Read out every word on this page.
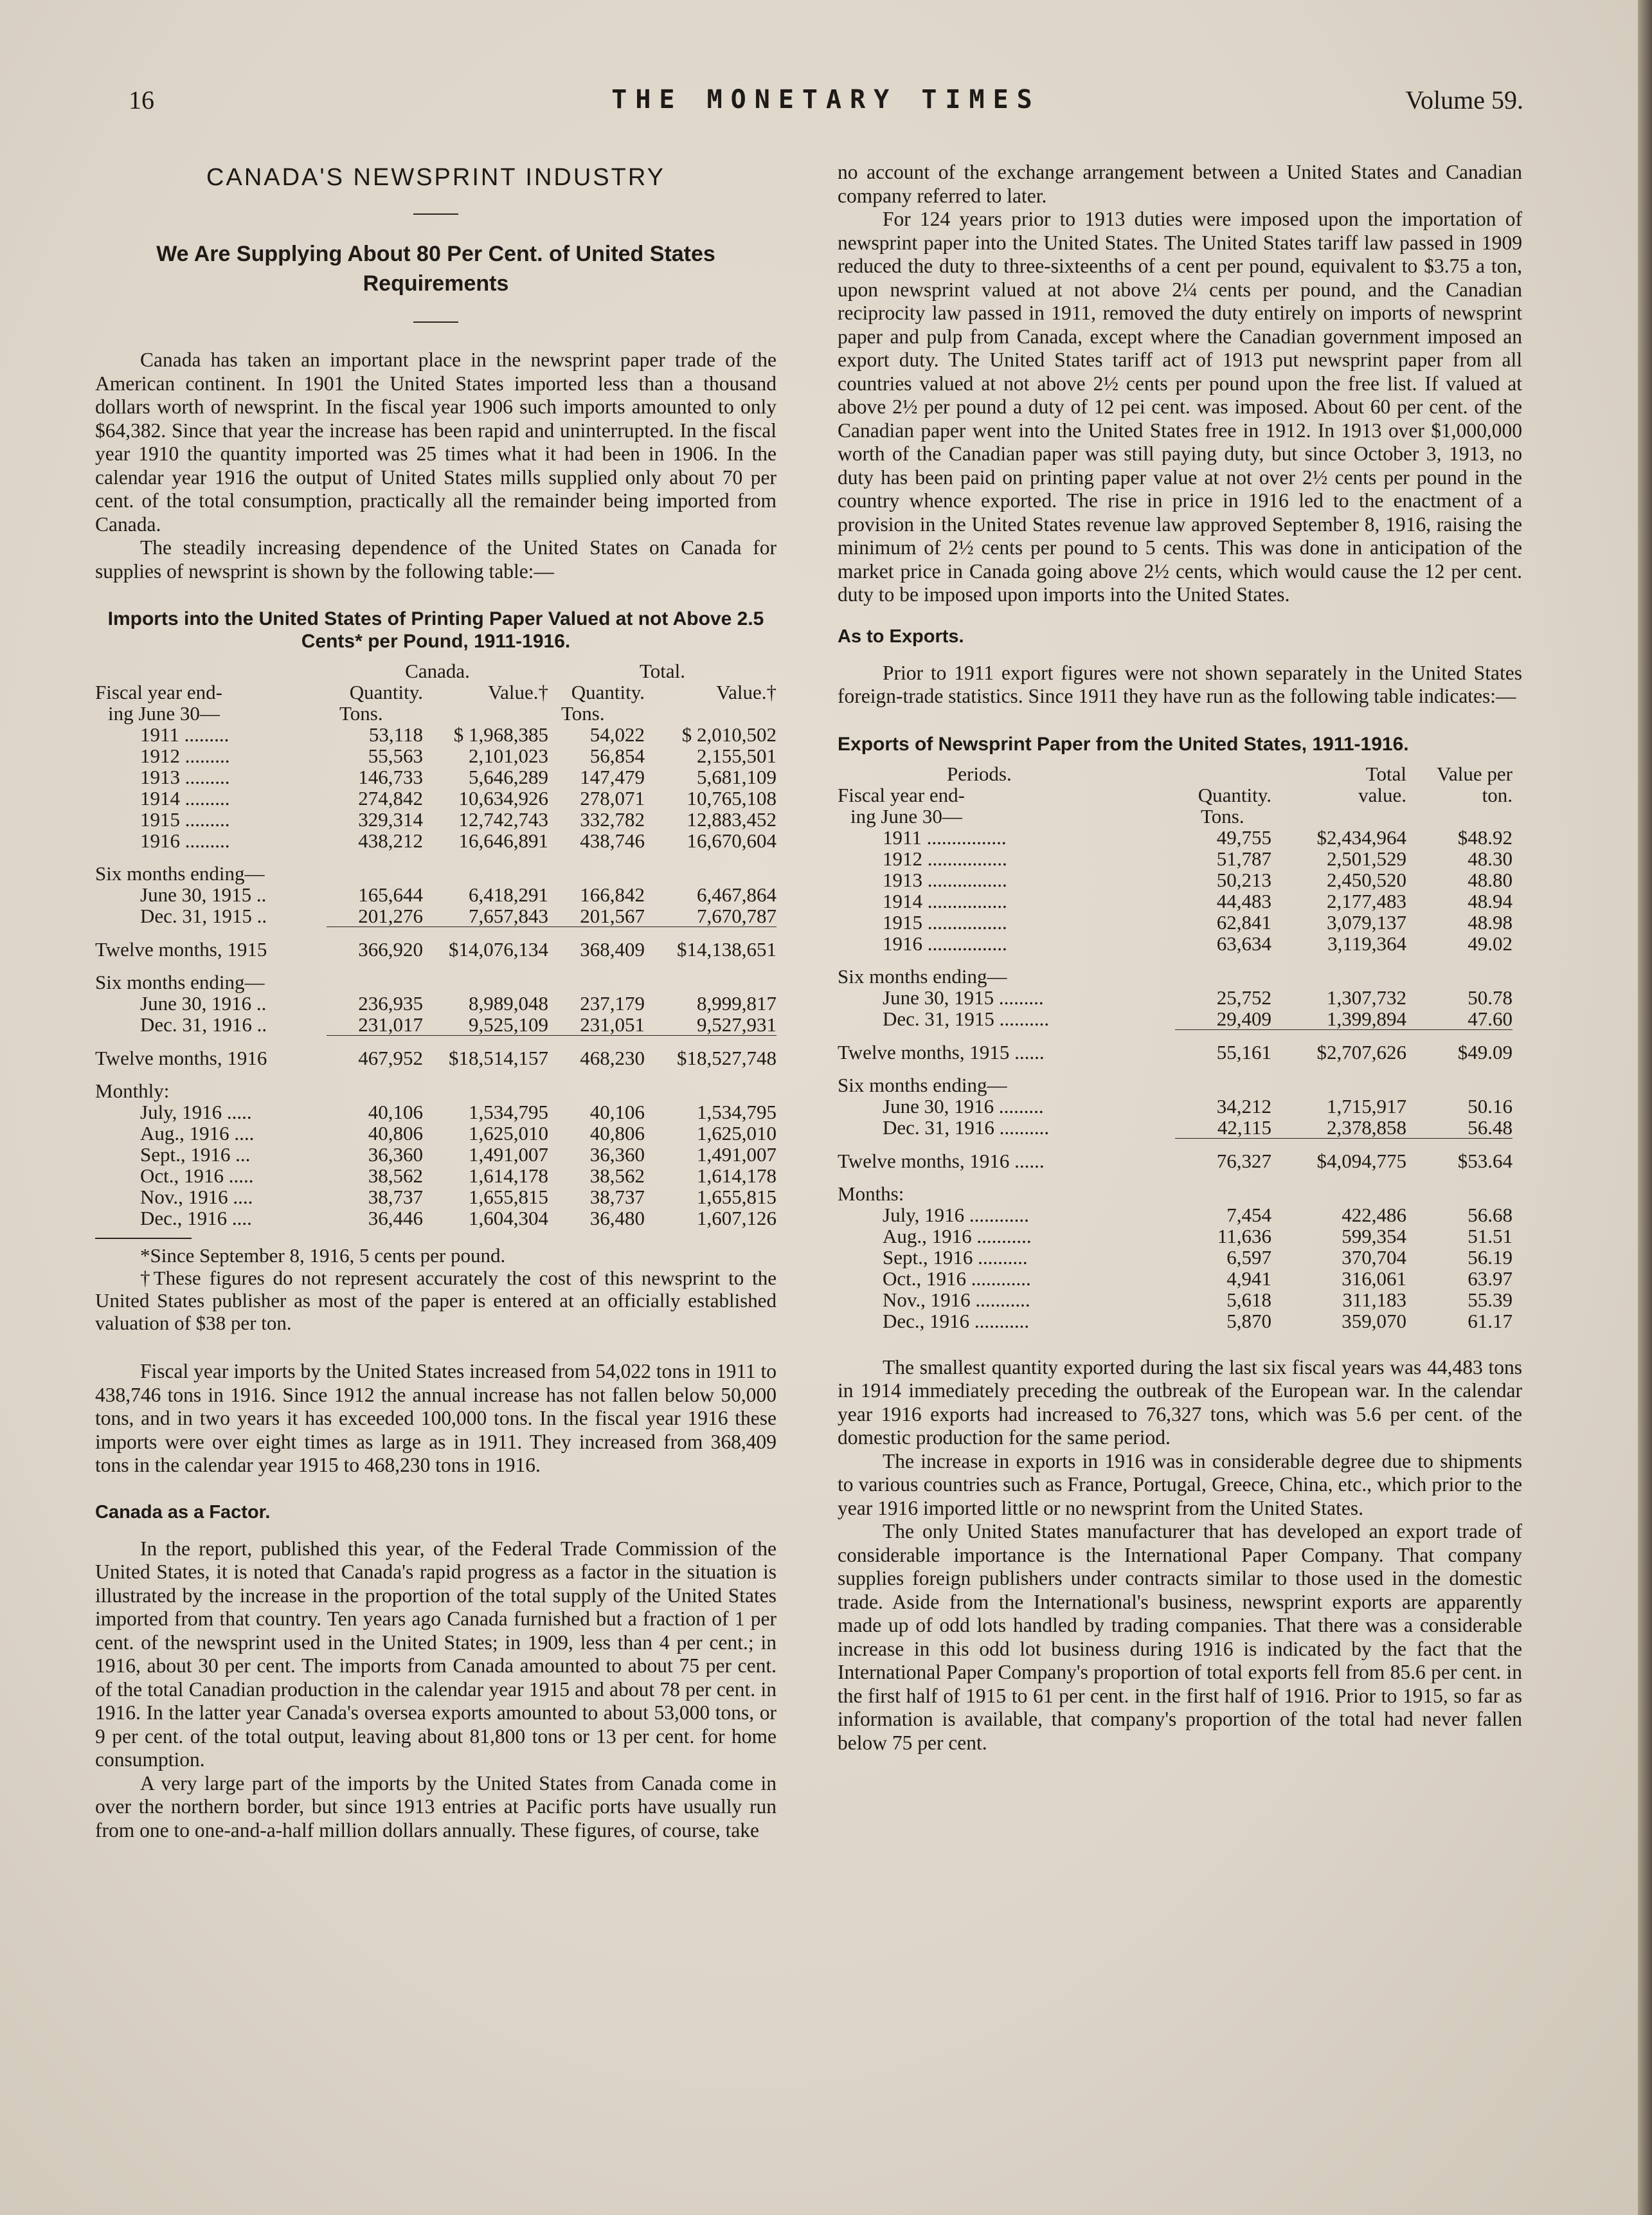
16	THE MONETARY TIMES	Volume 59.
CANADA'S NEWSPRINT INDUSTRY
We Are Supplying About 80 Per Cent. of United States Requirements

Canada has taken an important place in the newsprint paper trade of the American continent. In 1901 the United States imported less than a thousand dollars worth of newsprint. In the fiscal year 1906 such imports amounted to only $64,382. Since that year the increase has been rapid and uninterrupted. In the fiscal year 1910 the quantity imported was 25 times what it had been in 1906. In the calendar year 1916 the output of United States mills supplied only about 70 per cent. of the total consumption, practically all the remainder being imported from Canada.

The steadily increasing dependence of the United States on Canada for supplies of newsprint is shown by the following table:—

Imports into the United States of Printing Paper Valued at not Above 2.5 Cents* per Pound, 1911-1916.
	Canada.		Total.	
Fiscal year end-	Quantity.	Value.†	Quantity.	Value.†
ing June 30—	Tons.		Tons.	
1911 .........	53,118	$ 1,968,385	54,022	$ 2,010,502
1912 .........	55,563	2,101,023	56,854	2,155,501
1913 .........	146,733	5,646,289	147,479	5,681,109
1914 .........	274,842	10,634,926	278,071	10,765,108
1915 .........	329,314	12,742,743	332,782	12,883,452
1916 .........	438,212	16,646,891	438,746	16,670,604

Six months ending—				
June 30, 1915 ..	165,644	6,418,291	166,842	6,467,864
Dec. 31, 1915 ..	201,276	7,657,843	201,567	7,670,787

Twelve months, 1915	366,920	$14,076,134	368,409	$14,138,651

Six months ending—				
June 30, 1916 ..	236,935	8,989,048	237,179	8,999,817
Dec. 31, 1916 ..	231,017	9,525,109	231,051	9,527,931

Twelve months, 1916	467,952	$18,514,157	468,230	$18,527,748

Monthly:				
July, 1916 .....	40,106	1,534,795	40,106	1,534,795
Aug., 1916 ....	40,806	1,625,010	40,806	1,625,010
Sept., 1916 ...	36,360	1,491,007	36,360	1,491,007
Oct., 1916 .....	38,562	1,614,178	38,562	1,614,178
Nov., 1916 ....	38,737	1,655,815	38,737	1,655,815
Dec., 1916 ....	36,446	1,604,304	36,480	1,607,126

*Since September 8, 1916, 5 cents per pound.

†These figures do not represent accurately the cost of this newsprint to the United States publisher as most of the paper is entered at an officially established valuation of $38 per ton.

Fiscal year imports by the United States increased from 54,022 tons in 1911 to 438,746 tons in 1916. Since 1912 the annual increase has not fallen below 50,000 tons, and in two years it has exceeded 100,000 tons. In the fiscal year 1916 these imports were over eight times as large as in 1911. They increased from 368,409 tons in the calendar year 1915 to 468,230 tons in 1916.

Canada as a Factor.

In the report, published this year, of the Federal Trade Commission of the United States, it is noted that Canada's rapid progress as a factor in the situation is illustrated by the increase in the proportion of the total supply of the United States imported from that country. Ten years ago Canada furnished but a fraction of 1 per cent. of the newsprint used in the United States; in 1909, less than 4 per cent.; in 1916, about 30 per cent. The imports from Canada amounted to about 75 per cent. of the total Canadian production in the calendar year 1915 and about 78 per cent. in 1916. In the latter year Canada's oversea exports amounted to about 53,000 tons, or 9 per cent. of the total output, leaving about 81,800 tons or 13 per cent. for home consumption.

A very large part of the imports by the United States from Canada come in over the northern border, but since 1913 entries at Pacific ports have usually run from one to one-and-a-half million dollars annually. These figures, of course, take

no account of the exchange arrangement between a United States and Canadian company referred to later.

For 124 years prior to 1913 duties were imposed upon the importation of newsprint paper into the United States. The United States tariff law passed in 1909 reduced the duty to three-sixteenths of a cent per pound, equivalent to $3.75 a ton, upon newsprint valued at not above 2¼ cents per pound, and the Canadian reciprocity law passed in 1911, removed the duty entirely on imports of newsprint paper and pulp from Canada, except where the Canadian government imposed an export duty. The United States tariff act of 1913 put newsprint paper from all countries valued at not above 2½ cents per pound upon the free list. If valued at above 2½ per pound a duty of 12 pei cent. was imposed. About 60 per cent. of the Canadian paper went into the United States free in 1912. In 1913 over $1,000,000 worth of the Canadian paper was still paying duty, but since October 3, 1913, no duty has been paid on printing paper value at not over 2½ cents per pound in the country whence exported. The rise in price in 1916 led to the enactment of a provision in the United States revenue law approved September 8, 1916, raising the minimum of 2½ cents per pound to 5 cents. This was done in anticipation of the market price in Canada going above 2½ cents, which would cause the 12 per cent. duty to be imposed upon imports into the United States.

As to Exports.

Prior to 1911 export figures were not shown separately in the United States foreign-trade statistics. Since 1911 they have run as the following table indicates:—

Exports of Newsprint Paper from the United States, 1911-1916.
Periods.		Total	Value per
Fiscal year end-	Quantity.	value.	ton.
ing June 30—	Tons.		
1911 ................	49,755	$2,434,964	$48.92
1912 ................	51,787	2,501,529	48.30
1913 ................	50,213	2,450,520	48.80
1914 ................	44,483	2,177,483	48.94
1915 ................	62,841	3,079,137	48.98
1916 ................	63,634	3,119,364	49.02

Six months ending—			
June 30, 1915 .........	25,752	1,307,732	50.78
Dec. 31, 1915 ..........	29,409	1,399,894	47.60

Twelve months, 1915 ......	55,161	$2,707,626	$49.09

Six months ending—			
June 30, 1916 .........	34,212	1,715,917	50.16
Dec. 31, 1916 ..........	42,115	2,378,858	56.48

Twelve months, 1916 ......	76,327	$4,094,775	$53.64

Months:			
July, 1916 ............	7,454	422,486	56.68
Aug., 1916 ...........	11,636	599,354	51.51
Sept., 1916 ..........	6,597	370,704	56.19
Oct., 1916 ............	4,941	316,061	63.97
Nov., 1916 ...........	5,618	311,183	55.39
Dec., 1916 ...........	5,870	359,070	61.17

The smallest quantity exported during the last six fiscal years was 44,483 tons in 1914 immediately preceding the outbreak of the European war. In the calendar year 1916 exports had increased to 76,327 tons, which was 5.6 per cent. of the domestic production for the same period.

The increase in exports in 1916 was in considerable degree due to shipments to various countries such as France, Portugal, Greece, China, etc., which prior to the year 1916 imported little or no newsprint from the United States.

The only United States manufacturer that has developed an export trade of considerable importance is the International Paper Company. That company supplies foreign publishers under contracts similar to those used in the domestic trade. Aside from the International's business, newsprint exports are apparently made up of odd lots handled by trading companies. That there was a considerable increase in this odd lot business during 1916 is indicated by the fact that the International Paper Company's proportion of total exports fell from 85.6 per cent. in the first half of 1915 to 61 per cent. in the first half of 1916. Prior to 1915, so far as information is available, that company's proportion of the total had never fallen below 75 per cent.
